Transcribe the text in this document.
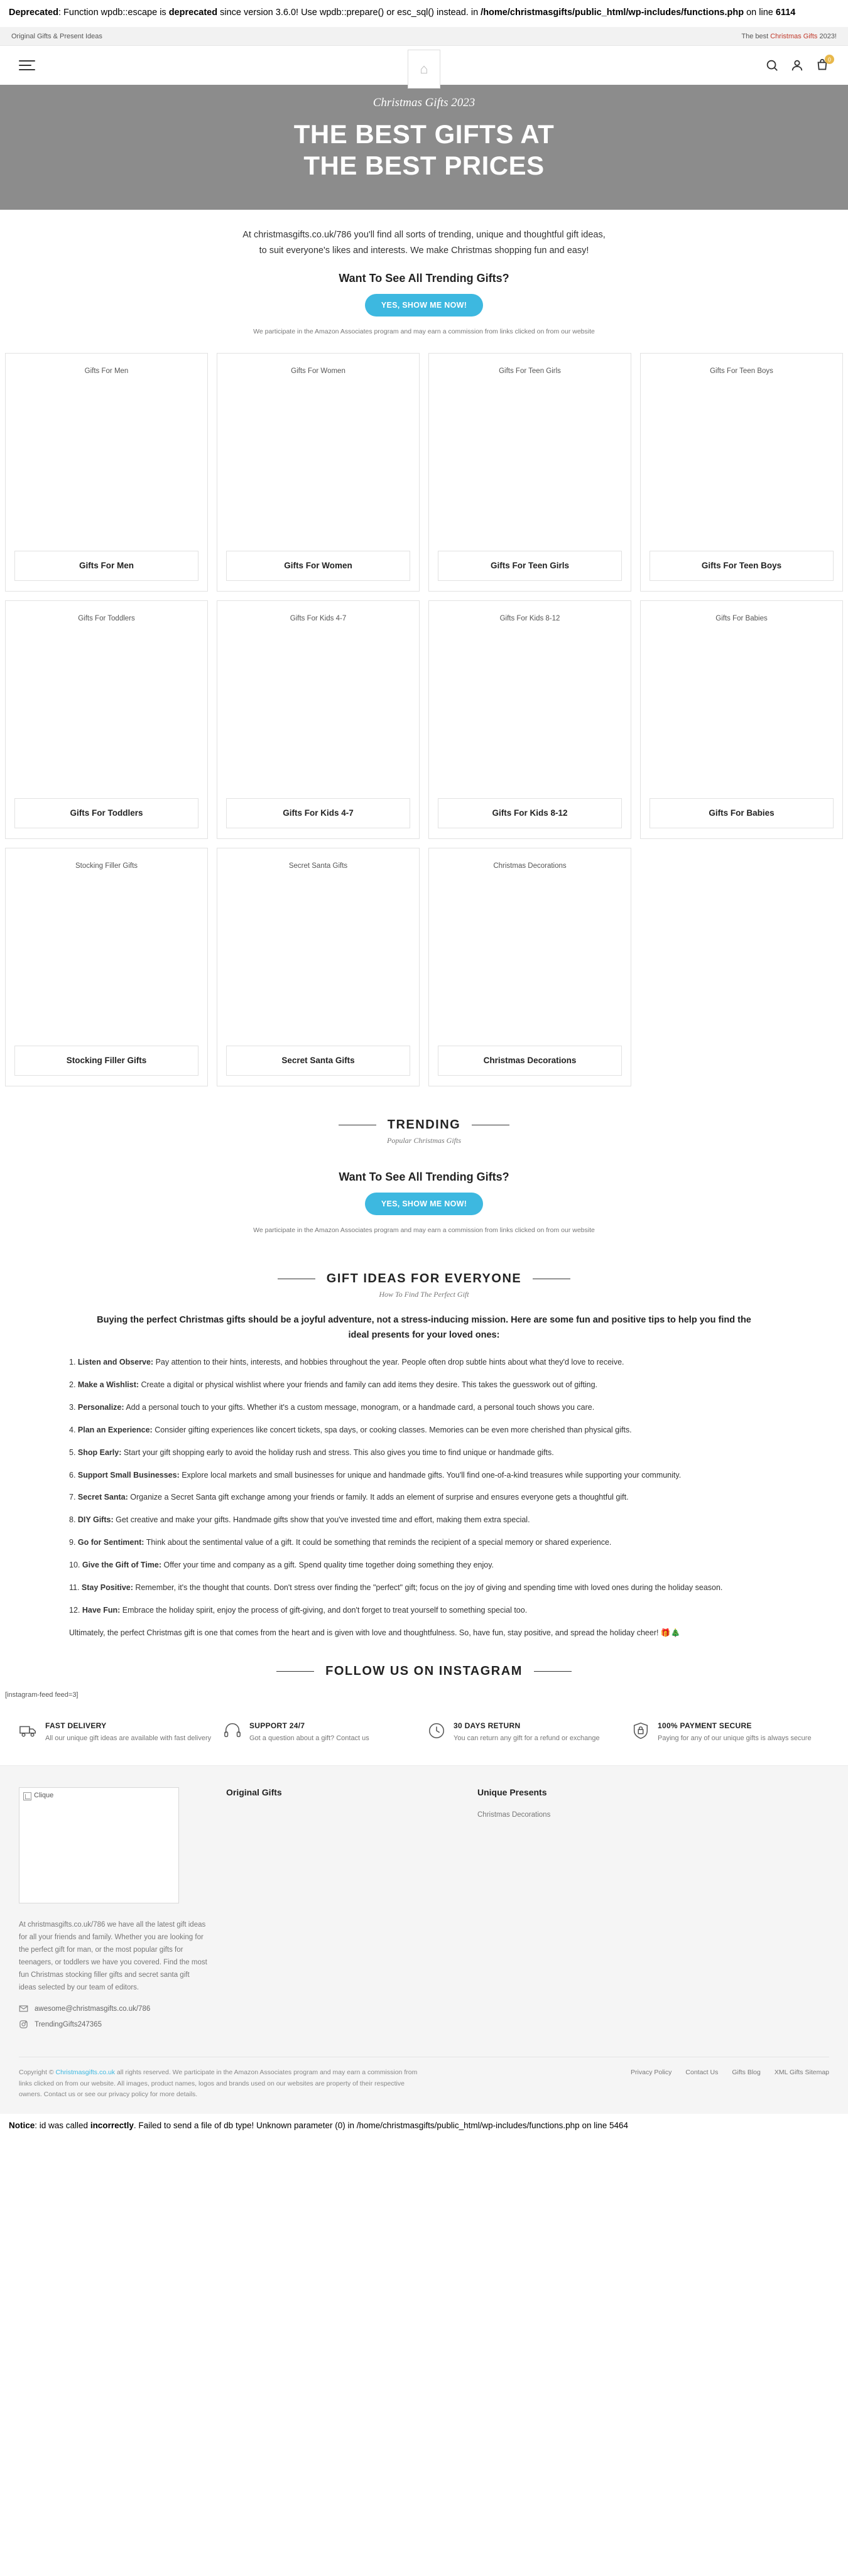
Deprecated: Function wpdb::escape is deprecated since version 3.6.0! Use wpdb::prepare() or esc_sql() instead. in /home/christmasgifts/public_html/wp-includes/functions.php on line 6114
Original Gifts & Present Ideas	The best Christmas Gifts 2023!
⌂
0
Christmas Gifts 2023
THE BEST GIFTS AT
THE BEST PRICES

At christmasgifts.co.uk/786 you'll find all sorts of trending, unique and thoughtful gift ideas,
to suit everyone's likes and interests. We make Christmas shopping fun and easy!

Want To See All Trending Gifts?
YES, SHOW ME NOW!
We participate in the Amazon Associates program and may earn a commission from links clicked on from our website
Gifts For Men
Gifts For Men
Gifts For Women
Gifts For Women
Gifts For Teen Girls
Gifts For Teen Girls
Gifts For Teen Boys
Gifts For Teen Boys
Gifts For Toddlers
Gifts For Toddlers
Gifts For Kids 4-7
Gifts For Kids 4-7
Gifts For Kids 8-12
Gifts For Kids 8-12
Gifts For Babies
Gifts For Babies
Stocking Filler Gifts
Stocking Filler Gifts
Secret Santa Gifts
Secret Santa Gifts
Christmas Decorations
Christmas Decorations
TRENDING
Popular Christmas Gifts
Want To See All Trending Gifts?
YES, SHOW ME NOW!
We participate in the Amazon Associates program and may earn a commission from links clicked on from our website
GIFT IDEAS FOR EVERYONE
How To Find The Perfect Gift
Buying the perfect Christmas gifts should be a joyful adventure, not a stress-inducing mission. Here are some fun and positive tips to help you find the ideal presents for your loved ones:

1. Listen and Observe: Pay attention to their hints, interests, and hobbies throughout the year. People often drop subtle hints about what they'd love to receive.

2. Make a Wishlist: Create a digital or physical wishlist where your friends and family can add items they desire. This takes the guesswork out of gifting.

3. Personalize: Add a personal touch to your gifts. Whether it's a custom message, monogram, or a handmade card, a personal touch shows you care.

4. Plan an Experience: Consider gifting experiences like concert tickets, spa days, or cooking classes. Memories can be even more cherished than physical gifts.

5. Shop Early: Start your gift shopping early to avoid the holiday rush and stress. This also gives you time to find unique or handmade gifts.

6. Support Small Businesses: Explore local markets and small businesses for unique and handmade gifts. You'll find one-of-a-kind treasures while supporting your community.

7. Secret Santa: Organize a Secret Santa gift exchange among your friends or family. It adds an element of surprise and ensures everyone gets a thoughtful gift.

8. DIY Gifts: Get creative and make your gifts. Handmade gifts show that you've invested time and effort, making them extra special.

9. Go for Sentiment: Think about the sentimental value of a gift. It could be something that reminds the recipient of a special memory or shared experience.

10. Give the Gift of Time: Offer your time and company as a gift. Spend quality time together doing something they enjoy.

11. Stay Positive: Remember, it's the thought that counts. Don't stress over finding the "perfect" gift; focus on the joy of giving and spending time with loved ones during the holiday season.

12. Have Fun: Embrace the holiday spirit, enjoy the process of gift-giving, and don't forget to treat yourself to something special too.

Ultimately, the perfect Christmas gift is one that comes from the heart and is given with love and thoughtfulness. So, have fun, stay positive, and spread the holiday cheer! 🎁🎄

FOLLOW US ON INSTAGRAM
[instagram-feed feed=3]
FAST DELIVERY
All our unique gift ideas are available with fast delivery
SUPPORT 24/7
Got a question about a gift? Contact us
30 DAYS RETURN
You can return any gift for a refund or exchange
100% PAYMENT SECURE
Paying for any of our unique gifts is always secure
Clique
At christmasgifts.co.uk/786 we have all the latest gift ideas for all your friends and family. Whether you are looking for the perfect gift for man, or the most popular gifts for teenagers, or toddlers we have you covered. Find the most fun Christmas stocking filler gifts and secret santa gift ideas selected by our team of editors.
awesome@christmasgifts.co.uk/786
TrendingGifts247365
Original Gifts	Unique Presents
Christmas Decorations
Copyright © Christmasgifts.co.uk all rights reserved. We participate in the Amazon Associates program and may earn a commission from links clicked on from our website. All images, product names, logos and brands used on our websites are property of their respective owners. Contact us or see our privacy policy for more details.
Privacy Policy Contact Us Gifts Blog XML Gifts Sitemap
Notice: id was called incorrectly. Failed to send a file of db type! Unknown parameter (0) in /home/christmasgifts/public_html/wp-includes/functions.php on line 5464
